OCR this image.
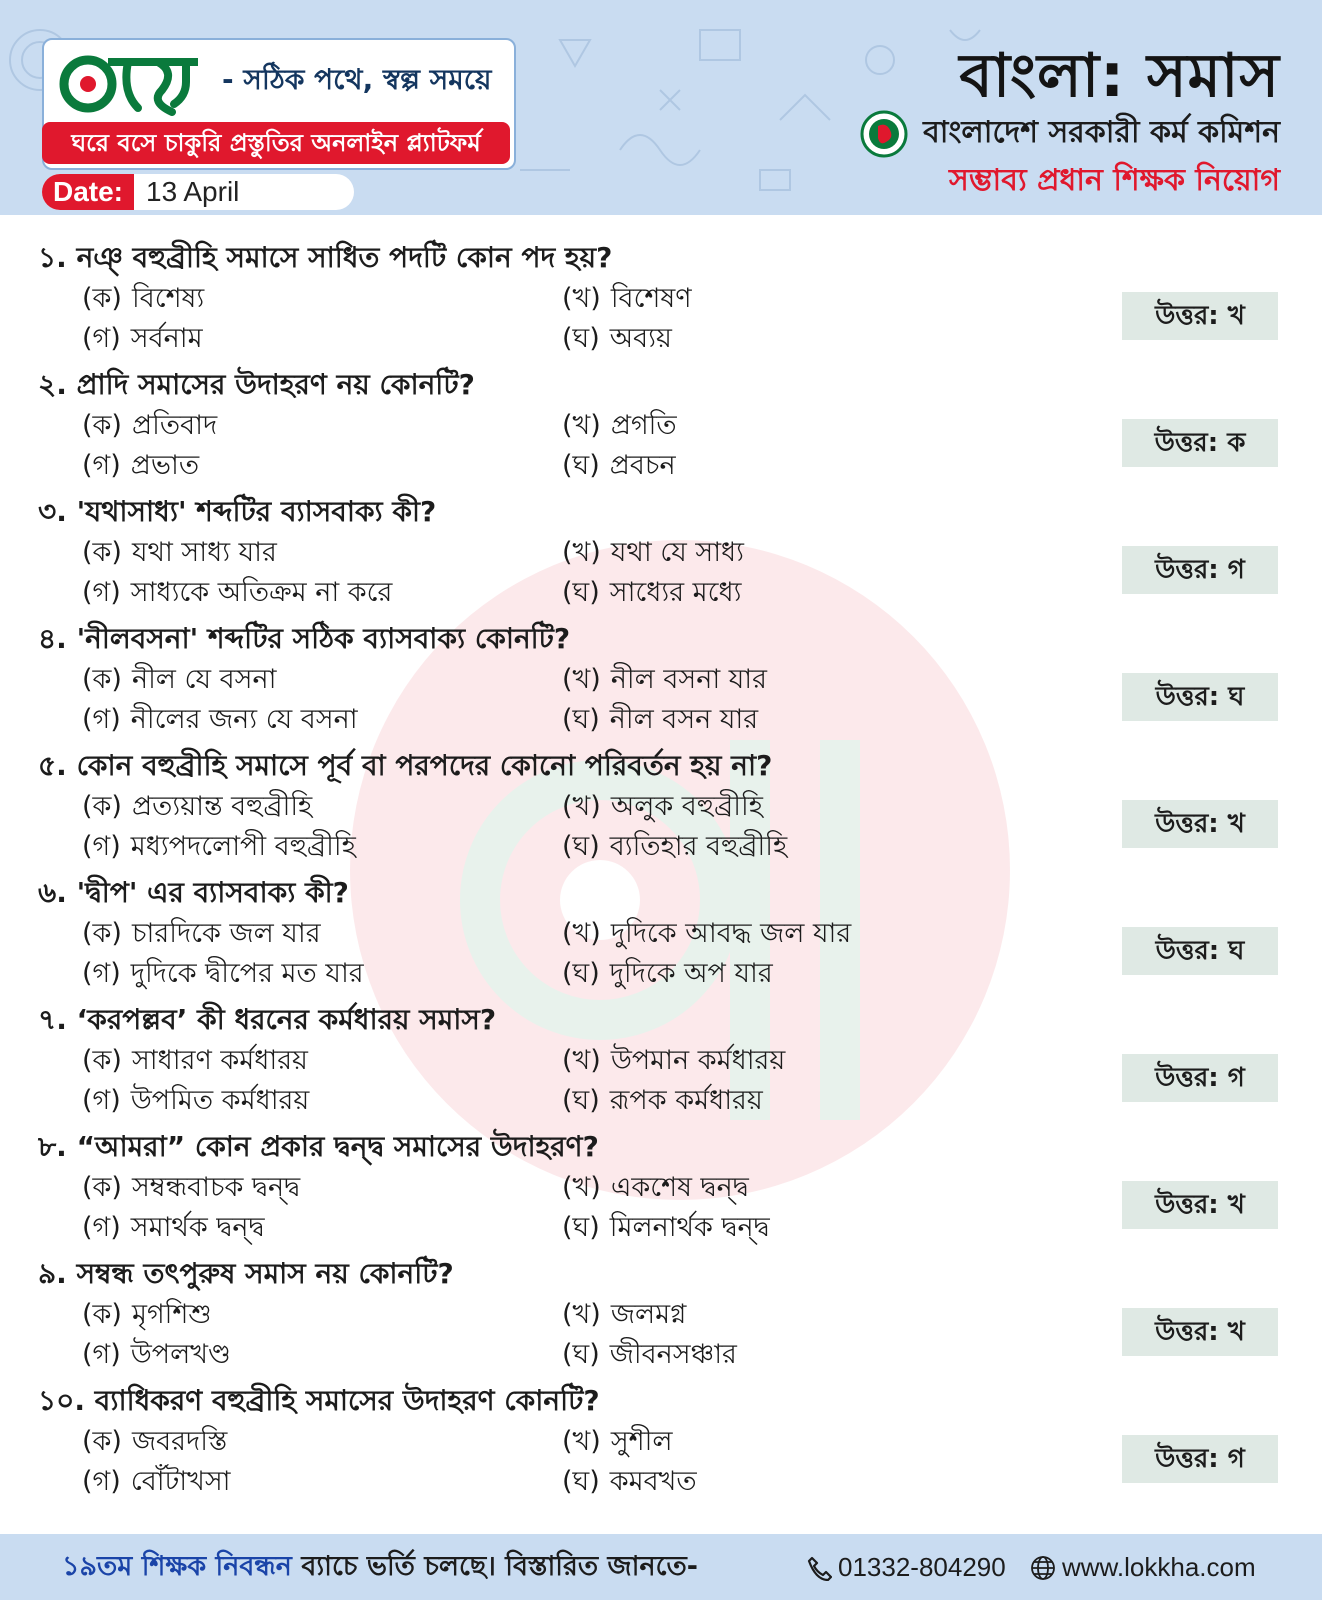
- সঠিক পথে, স্বল্প সময়ে
ঘরে বসে চাকুরি প্রস্তুতির অনলাইন প্ল্যাটফর্ম
Date: 13 April
বাংলা: সমাস
বাংলাদেশ সরকারী কর্ম কমিশন
সম্ভাব্য প্রধান শিক্ষক নিয়োগ
১. নঞ্ বহুব্রীহি সমাসে সাধিত পদটি কোন পদ হয়?
(ক) বিশেষ্য	(খ) বিশেষণ
(গ) সর্বনাম	(ঘ) অব্যয়
উত্তর: খ
২. প্রাদি সমাসের উদাহরণ নয় কোনটি?
(ক) প্রতিবাদ	(খ) প্রগতি
(গ) প্রভাত	(ঘ) প্রবচন
উত্তর: ক
৩. 'যথাসাধ্য' শব্দটির ব্যাসবাক্য কী?
(ক) যথা সাধ্য যার	(খ) যথা যে সাধ্য
(গ) সাধ্যকে অতিক্রম না করে	(ঘ) সাধ্যের মধ্যে
উত্তর: গ
৪. 'নীলবসনা' শব্দটির সঠিক ব্যাসবাক্য কোনটি?
(ক) নীল যে বসনা	(খ) নীল বসনা যার
(গ) নীলের জন্য যে বসনা	(ঘ) নীল বসন যার
উত্তর: ঘ
৫. কোন বহুব্রীহি সমাসে পূর্ব বা পরপদের কোনো পরিবর্তন হয় না?
(ক) প্রত্যয়ান্ত বহুব্রীহি	(খ) অলুক বহুব্রীহি
(গ) মধ্যপদলোপী বহুব্রীহি	(ঘ) ব্যতিহার বহুব্রীহি
উত্তর: খ
৬. 'দ্বীপ' এর ব্যাসবাক্য কী?
(ক) চারদিকে জল যার	(খ) দুদিকে আবদ্ধ জল যার
(গ) দুদিকে দ্বীপের মত যার	(ঘ) দুদিকে অপ যার
উত্তর: ঘ
৭. ‘করপল্লব’ কী ধরনের কর্মধারয় সমাস?
(ক) সাধারণ কর্মধারয়	(খ) উপমান কর্মধারয়
(গ) উপমিত কর্মধারয়	(ঘ) রূপক কর্মধারয়
উত্তর: গ
৮. “আমরা” কোন প্রকার দ্বন্দ্ব সমাসের উদাহরণ?
(ক) সম্বন্ধবাচক দ্বন্দ্ব	(খ) একশেষ দ্বন্দ্ব
(গ) সমার্থক দ্বন্দ্ব	(ঘ) মিলনার্থক দ্বন্দ্ব
উত্তর: খ
৯. সম্বন্ধ তৎপুরুষ সমাস নয় কোনটি?
(ক) মৃগশিশু	(খ) জলমগ্ন
(গ) উপলখণ্ড	(ঘ) জীবনসঞ্চার
উত্তর: খ
১০. ব্যাধিকরণ বহুব্রীহি সমাসের উদাহরণ কোনটি?
(ক) জবরদস্তি	(খ) সুশীল
(গ) বোঁটাখসা	(ঘ) কমবখত
উত্তর: গ
১৯তম শিক্ষক নিবন্ধন ব্যাচে ভর্তি চলছে। বিস্তারিত জানতে-	01332-804290	www.lokkha.com
